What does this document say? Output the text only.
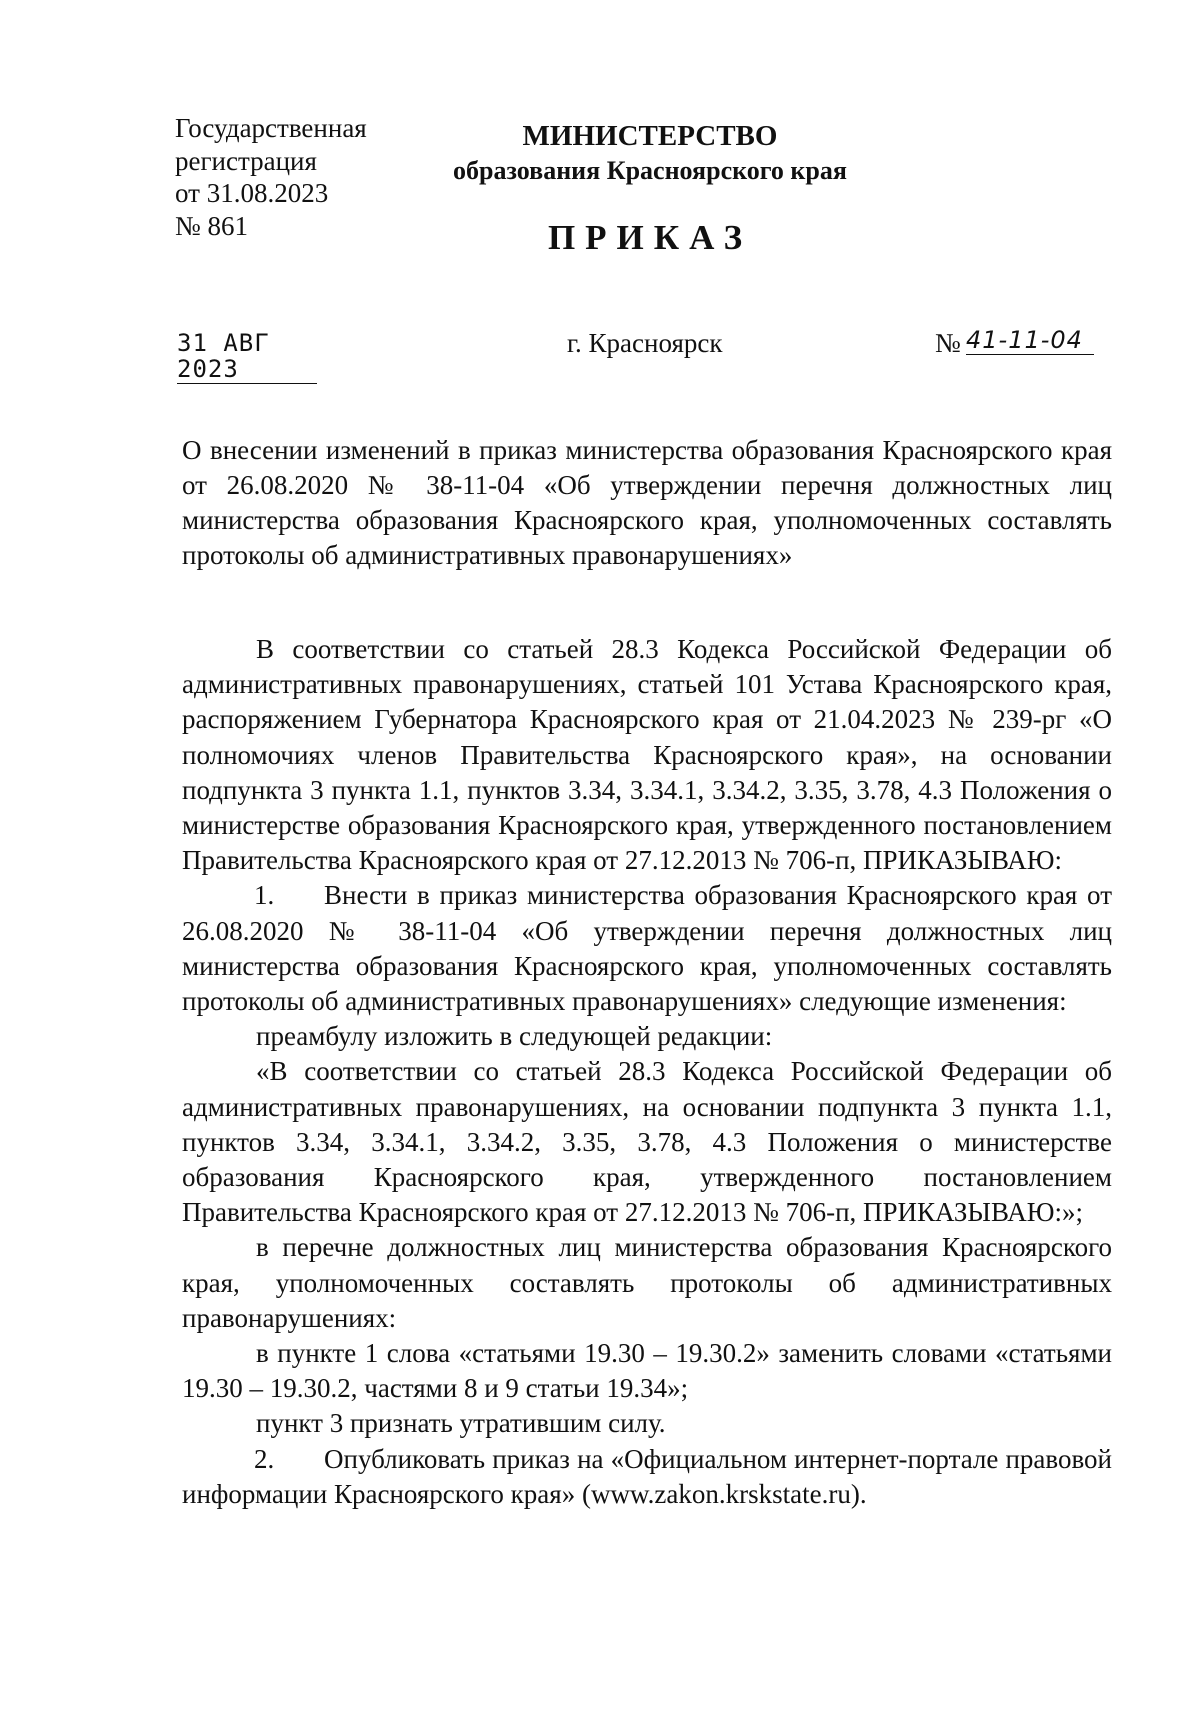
Государственная
регистрация
от 31.08.2023
№ 861
МИНИСТЕРСТВО
образования Красноярского края
ПРИКАЗ
31 АВГ 2023
г. Красноярск	№ 41-11-04
О внесении изменений в приказ министерства образования Красноярского края от 26.08.2020 № 38-11-04 «Об утверждении перечня должностных лиц министерства образования Красноярского края, уполномоченных составлять протоколы об административных правонарушениях»

В соответствии со статьей 28.3 Кодекса Российской Федерации об административных правонарушениях, статьей 101 Устава Красноярского края, распоряжением Губернатора Красноярского края от 21.04.2023 № 239-рг «О полномочиях членов Правительства Красноярского края», на основании подпункта 3 пункта 1.1, пунктов 3.34, 3.34.1, 3.34.2, 3.35, 3.78, 4.3 Положения о министерстве образования Красноярского края, утвержденного постановлением Правительства Красноярского края от 27.12.2013 № 706-п, ПРИКАЗЫВАЮ:

1. Внести в приказ министерства образования Красноярского края от 26.08.2020 № 38-11-04 «Об утверждении перечня должностных лиц министерства образования Красноярского края, уполномоченных составлять протоколы об административных правонарушениях» следующие изменения:

преамбулу изложить в следующей редакции:

«В соответствии со статьей 28.3 Кодекса Российской Федерации об административных правонарушениях, на основании подпункта 3 пункта 1.1, пунктов 3.34, 3.34.1, 3.34.2, 3.35, 3.78, 4.3 Положения о министерстве образования Красноярского края, утвержденного постановлением Правительства Красноярского края от 27.12.2013 № 706-п, ПРИКАЗЫВАЮ:»;

в перечне должностных лиц министерства образования Красноярского края, уполномоченных составлять протоколы об административных правонарушениях:

в пункте 1 слова «статьями 19.30 – 19.30.2» заменить словами «статьями 19.30 – 19.30.2, частями 8 и 9 статьи 19.34»;

пункт 3 признать утратившим силу.

2. Опубликовать приказ на «Официальном интернет-портале правовой информации Красноярского края» (www.zakon.krskstate.ru).
